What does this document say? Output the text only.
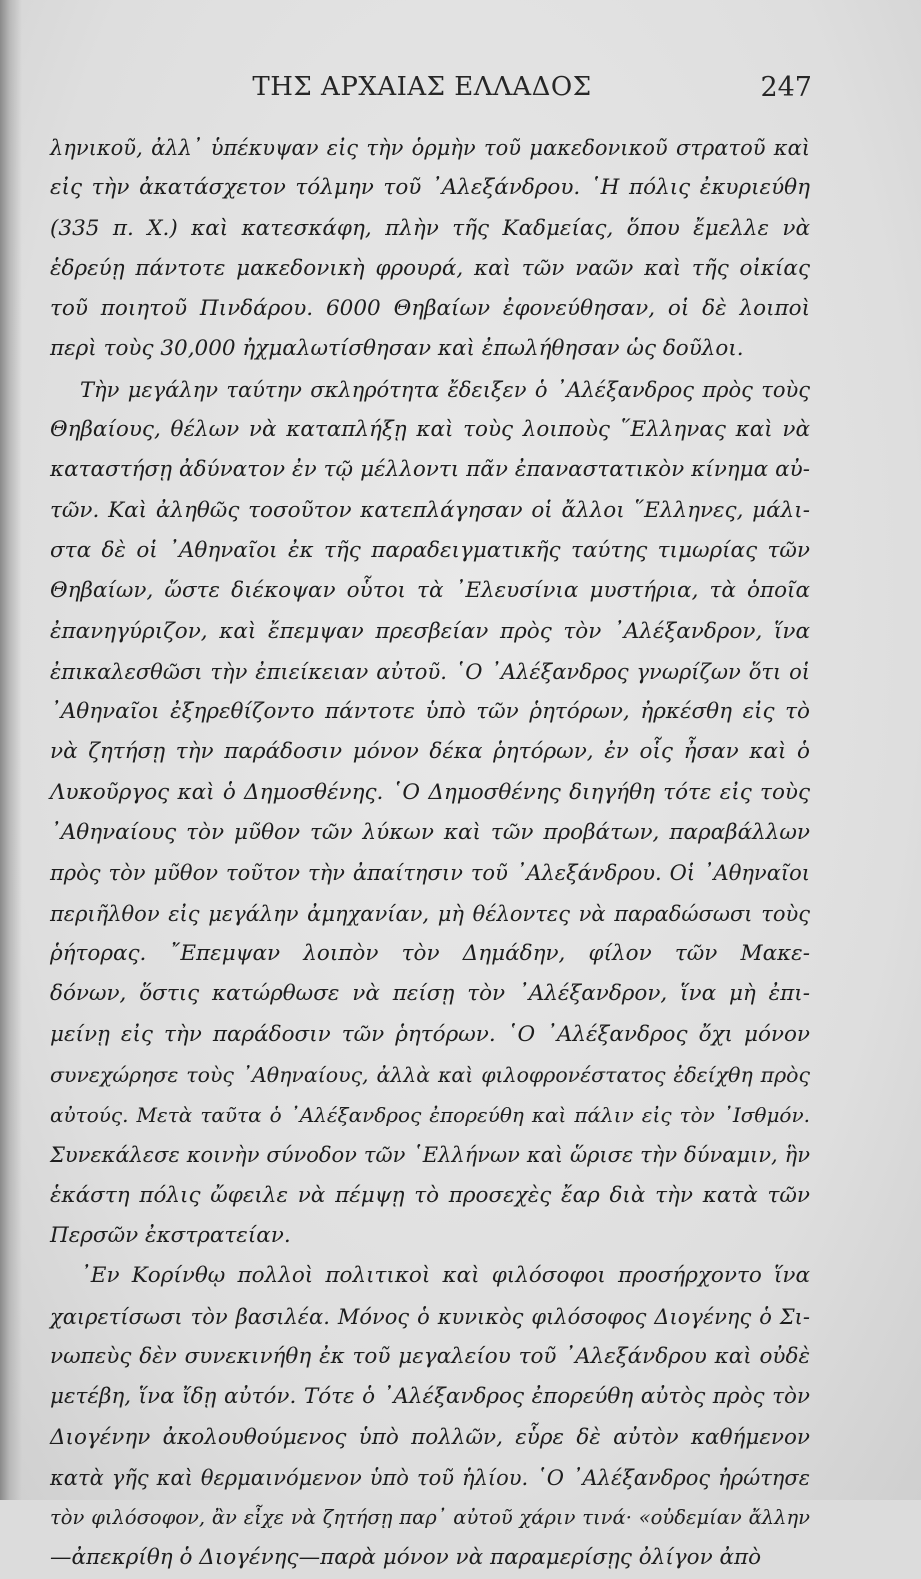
ΤΗΣ ΑΡΧΑΙΑΣ ΕΛΛΑΔΟΣ	247
ληνικοῦ, ἀλλ᾽ ὑπέκυψαν εἰς τὴν ὁρμὴν τοῦ μακεδονικοῦ στρατοῦ καὶ
εἰς τὴν ἀκατάσχετον τόλμην τοῦ ᾽Αλεξάνδρου. ῾Η πόλις ἐκυριεύθη
(335 π. Χ.) καὶ κατεσκάφη, πλὴν τῆς Καδμείας, ὅπου ἔμελλε νὰ
ἑδρεύῃ πάντοτε μακεδονικὴ φρουρά, καὶ τῶν ναῶν καὶ τῆς οἰκίας
τοῦ ποιητοῦ Πινδάρου. 6000 Θηβαίων ἐφονεύθησαν, οἱ δὲ λοιποὶ
περὶ τοὺς 30,000 ἠχμαλωτίσθησαν καὶ ἐπωλήθησαν ὡς δοῦλοι.
Τὴν μεγάλην ταύτην σκληρότητα ἔδειξεν ὁ ᾽Αλέξανδρος πρὸς τοὺς
Θηβαίους, θέλων νὰ καταπλήξῃ καὶ τοὺς λοιποὺς ῞Ελληνας καὶ νὰ
καταστήσῃ ἀδύνατον ἐν τῷ μέλλοντι πᾶν ἐπαναστατικὸν κίνημα αὐ-
τῶν. Καὶ ἀληθῶς τοσοῦτον κατεπλάγησαν οἱ ἄλλοι ῞Ελληνες, μάλι-
στα δὲ οἱ ᾽Αθηναῖοι ἐκ τῆς παραδειγματικῆς ταύτης τιμωρίας τῶν
Θηβαίων, ὥστε διέκοψαν οὗτοι τὰ ᾽Ελευσίνια μυστήρια, τὰ ὁποῖα
ἐπανηγύριζον, καὶ ἔπεμψαν πρεσβείαν πρὸς τὸν ᾽Αλέξανδρον, ἵνα
ἐπικαλεσθῶσι τὴν ἐπιείκειαν αὐτοῦ. ῾Ο ᾽Αλέξανδρος γνωρίζων ὅτι οἱ
᾽Αθηναῖοι ἐξηρεθίζοντο πάντοτε ὑπὸ τῶν ῥητόρων, ἠρκέσθη εἰς τὸ
νὰ ζητήσῃ τὴν παράδοσιν μόνον δέκα ῥητόρων, ἐν οἷς ἦσαν καὶ ὁ
Λυκοῦργος καὶ ὁ Δημοσθένης. ῾Ο Δημοσθένης διηγήθη τότε εἰς τοὺς
᾽Αθηναίους τὸν μῦθον τῶν λύκων καὶ τῶν προβάτων, παραβάλλων
πρὸς τὸν μῦθον τοῦτον τὴν ἀπαίτησιν τοῦ ᾽Αλεξάνδρου. Οἱ ᾽Αθηναῖοι
περιῆλθον εἰς μεγάλην ἀμηχανίαν, μὴ θέλοντες νὰ παραδώσωσι τοὺς
ῥήτορας. ῎Επεμψαν λοιπὸν τὸν Δημάδην, φίλον τῶν Μακε-
δόνων, ὅστις κατώρθωσε νὰ πείσῃ τὸν ᾽Αλέξανδρον, ἵνα μὴ ἐπι-
μείνῃ εἰς τὴν παράδοσιν τῶν ῥητόρων. ῾Ο ᾽Αλέξανδρος ὄχι μόνον
συνεχώρησε τοὺς ᾽Αθηναίους, ἀλλὰ καὶ φιλοφρονέστατος ἐδείχθη πρὸς
αὐτούς. Μετὰ ταῦτα ὁ ᾽Αλέξανδρος ἐπορεύθη καὶ πάλιν εἰς τὸν ᾽Ισθμόν.
Συνεκάλεσε κοινὴν σύνοδον τῶν ῾Ελλήνων καὶ ὥρισε τὴν δύναμιν, ἣν
ἑκάστη πόλις ὤφειλε νὰ πέμψῃ τὸ προσεχὲς ἔαρ διὰ τὴν κατὰ τῶν
Περσῶν ἐκστρατείαν.
᾽Εν Κορίνθῳ πολλοὶ πολιτικοὶ καὶ φιλόσοφοι προσήρχοντο ἵνα
χαιρετίσωσι τὸν βασιλέα. Μόνος ὁ κυνικὸς φιλόσοφος Διογένης ὁ Σι-
νωπεὺς δὲν συνεκινήθη ἐκ τοῦ μεγαλείου τοῦ ᾽Αλεξάνδρου καὶ οὐδὲ
μετέβη, ἵνα ἴδῃ αὐτόν. Τότε ὁ ᾽Αλέξανδρος ἐπορεύθη αὐτὸς πρὸς τὸν
Διογένην ἀκολουθούμενος ὑπὸ πολλῶν, εὗρε δὲ αὐτὸν καθήμενον
κατὰ γῆς καὶ θερμαινόμενον ὑπὸ τοῦ ἡλίου. ῾Ο ᾽Αλέξανδρος ἠρώτησε
τὸν φιλόσοφον, ἂν εἶχε νὰ ζητήσῃ παρ᾽ αὐτοῦ χάριν τινά· «οὐδεμίαν ἄλλην
—ἀπεκρίθη ὁ Διογένης—παρὰ μόνον νὰ παραμερίσῃς ὀλίγον ἀπὸ
